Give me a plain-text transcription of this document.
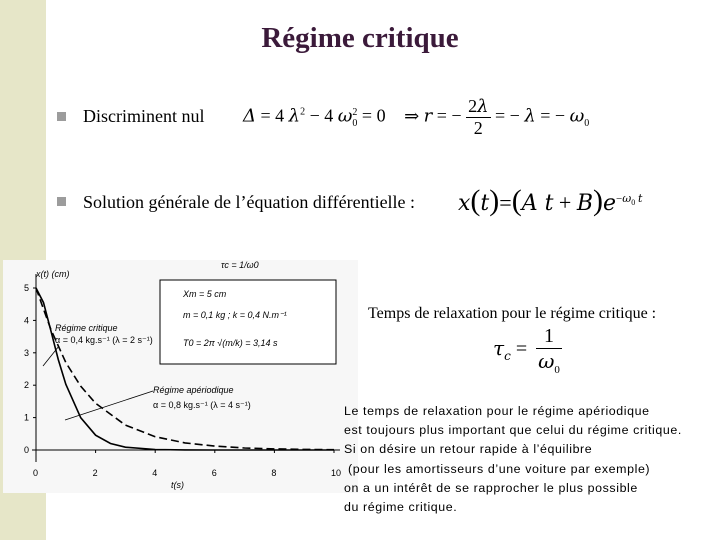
Régime critique
Discriminent nul Δ = 4 $\lambda^2 - 4$ $\omega_0^2 = 0$ ⇒ r = − $\frac{2\lambda}{2}$ = − λ = − $\omega_0$
Solution générale de l’équation différentielle : x(t)=(A $t + B)e^{-\omega_0 t}$
0
1
2
3
4
5
0	2	4	6	8	10
Xm = 5 cm
m = 0,1 kg ; k = 0,4 N.m⁻¹
T0 = 2π √(m/k) = 3,14 s
τc = 1/ω0
x(t) (cm)
t(s)
Régime critique
α = 0,4 kg.s⁻¹ (λ = 2 s⁻¹)
Régime apériodique
α = 0,8 kg.s⁻¹ (λ = 4 s⁻¹)
Temps de relaxation pour le régime critique :
$\tau_c = \frac{1}{\omega_0}$
Le temps de relaxation pour le régime apériodique
est toujours plus important que celui du régime critique.
Si on désire un retour rapide à l’équilibre
(pour les amortisseurs d’une voiture par exemple)
on a un intérêt de se rapprocher le plus possible
du régime critique.
